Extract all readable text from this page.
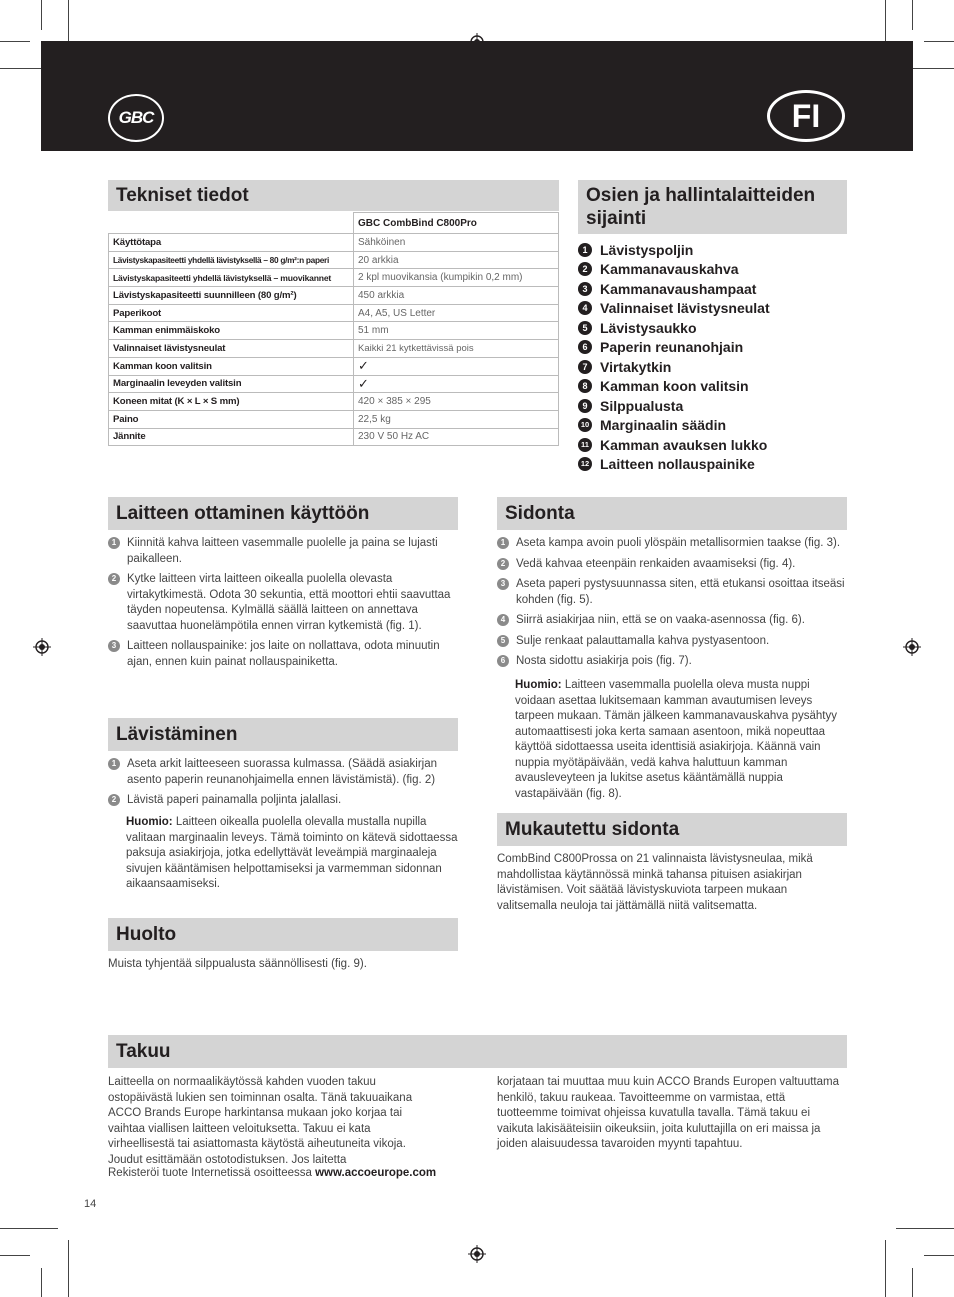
GBC	FI
Tekniset tiedot
	GBC CombBind C800Pro
Käyttötapa	Sähköinen
Lävistyskapasiteetti yhdellä lävistyksellä – 80 g/m²:n paperi	20 arkkia
Lävistyskapasiteetti yhdellä lävistyksellä – muovikannet	2 kpl muovikansia (kumpikin 0,2 mm)
Lävistyskapasiteetti suunnilleen (80 g/m²)	450 arkkia
Paperikoot	A4, A5, US Letter
Kamman enimmäiskoko	51 mm
Valinnaiset lävistysneulat	Kaikki 21 kytkettävissä pois
Kamman koon valitsin	✓
Marginaalin leveyden valitsin	✓
Koneen mitat (K × L × S mm)	420 × 385 × 295
Paino	22,5 kg
Jännite	230 V 50 Hz AC
Osien ja hallintalaitteiden
sijainti
1 Lävistyspoljin
2 Kammanavauskahva
3 Kammanavaushampaat
4 Valinnaiset lävistysneulat
5 Lävistysaukko
6 Paperin reunanohjain
7 Virtakytkin
8 Kamman koon valitsin
9 Silppualusta
10 Marginaalin säädin
11 Kamman avauksen lukko
12 Laitteen nollauspainike
Laitteen ottaminen käyttöön
1 Kiinnitä kahva laitteen vasemmalle puolelle ja paina se lujasti paikalleen.
2 Kytke laitteen virta laitteen oikealla puolella olevasta virtakytkimestä. Odota 30 sekuntia, että moottori ehtii saavuttaa täyden nopeutensa. Kylmällä säällä laitteen on annettava saavuttaa huonelämpötila ennen virran kytkemistä (fig. 1).
3 Laitteen nollauspainike: jos laite on nollattava, odota minuutin ajan, ennen kuin painat nollauspainiketta.
Lävistäminen
1 Aseta arkit laitteeseen suorassa kulmassa. (Säädä asiakirjan asento paperin reunanohjaimella ennen lävistämistä). (fig. 2)
2 Lävistä paperi painamalla poljinta jalallasi.
Huomio: Laitteen oikealla puolella olevalla mustalla nupilla valitaan marginaalin leveys. Tämä toiminto on kätevä sidottaessa paksuja asiakirjoja, jotka edellyttävät leveämpiä marginaaleja sivujen kääntämisen helpottamiseksi ja varmemman sidonnan aikaansaamiseksi.
Huolto
Muista tyhjentää silppualusta säännöllisesti (fig. 9).
Sidonta
1 Aseta kampa avoin puoli ylöspäin metallisormien taakse (fig. 3).
2 Vedä kahvaa eteenpäin renkaiden avaamiseksi (fig. 4).
3 Aseta paperi pystysuunnassa siten, että etukansi osoittaa itseäsi kohden (fig. 5).
4 Siirrä asiakirjaa niin, että se on vaaka-asennossa (fig. 6).
5 Sulje renkaat palauttamalla kahva pystyasentoon.
6 Nosta sidottu asiakirja pois (fig. 7).
Huomio: Laitteen vasemmalla puolella oleva musta nuppi voidaan asettaa lukitsemaan kamman avautumisen leveys tarpeen mukaan. Tämän jälkeen kammanavauskahva pysähtyy automaattisesti joka kerta samaan asentoon, mikä nopeuttaa käyttöä sidottaessa useita identtisiä asiakirjoja. Käännä vain nuppia myötäpäivään, vedä kahva haluttuun kamman avausleveyteen ja lukitse asetus kääntämällä nuppia vastapäivään (fig. 8).
Mukautettu sidonta
CombBind C800Prossa on 21 valinnaista lävistysneulaa, mikä mahdollistaa käytännössä minkä tahansa pituisen asiakirjan lävistämisen. Voit säätää lävistyskuviota tarpeen mukaan valitsemalla neuloja tai jättämällä niitä valitsematta.
Takuu
Laitteella on normaalikäytössä kahden vuoden takuu ostopäivästä lukien sen toiminnan osalta. Tänä takuuaikana ACCO Brands Europe harkintansa mukaan joko korjaa tai vaihtaa viallisen laitteen veloituksetta. Takuu ei kata virheellisestä tai asiattomasta käytöstä aiheutuneita vikoja. Joudut esittämään ostotodistuksen. Jos laitetta
korjataan tai muuttaa muu kuin ACCO Brands Europen valtuuttama henkilö, takuu raukeaa. Tavoitteemme on varmistaa, että tuotteemme toimivat ohjeissa kuvatulla tavalla. Tämä takuu ei vaikuta lakisääteisiin oikeuksiin, joita kuluttajilla on eri maissa ja joiden alaisuudessa tavaroiden myynti tapahtuu.
Rekisteröi tuote Internetissä osoitteessa www.accoeurope.com
14
